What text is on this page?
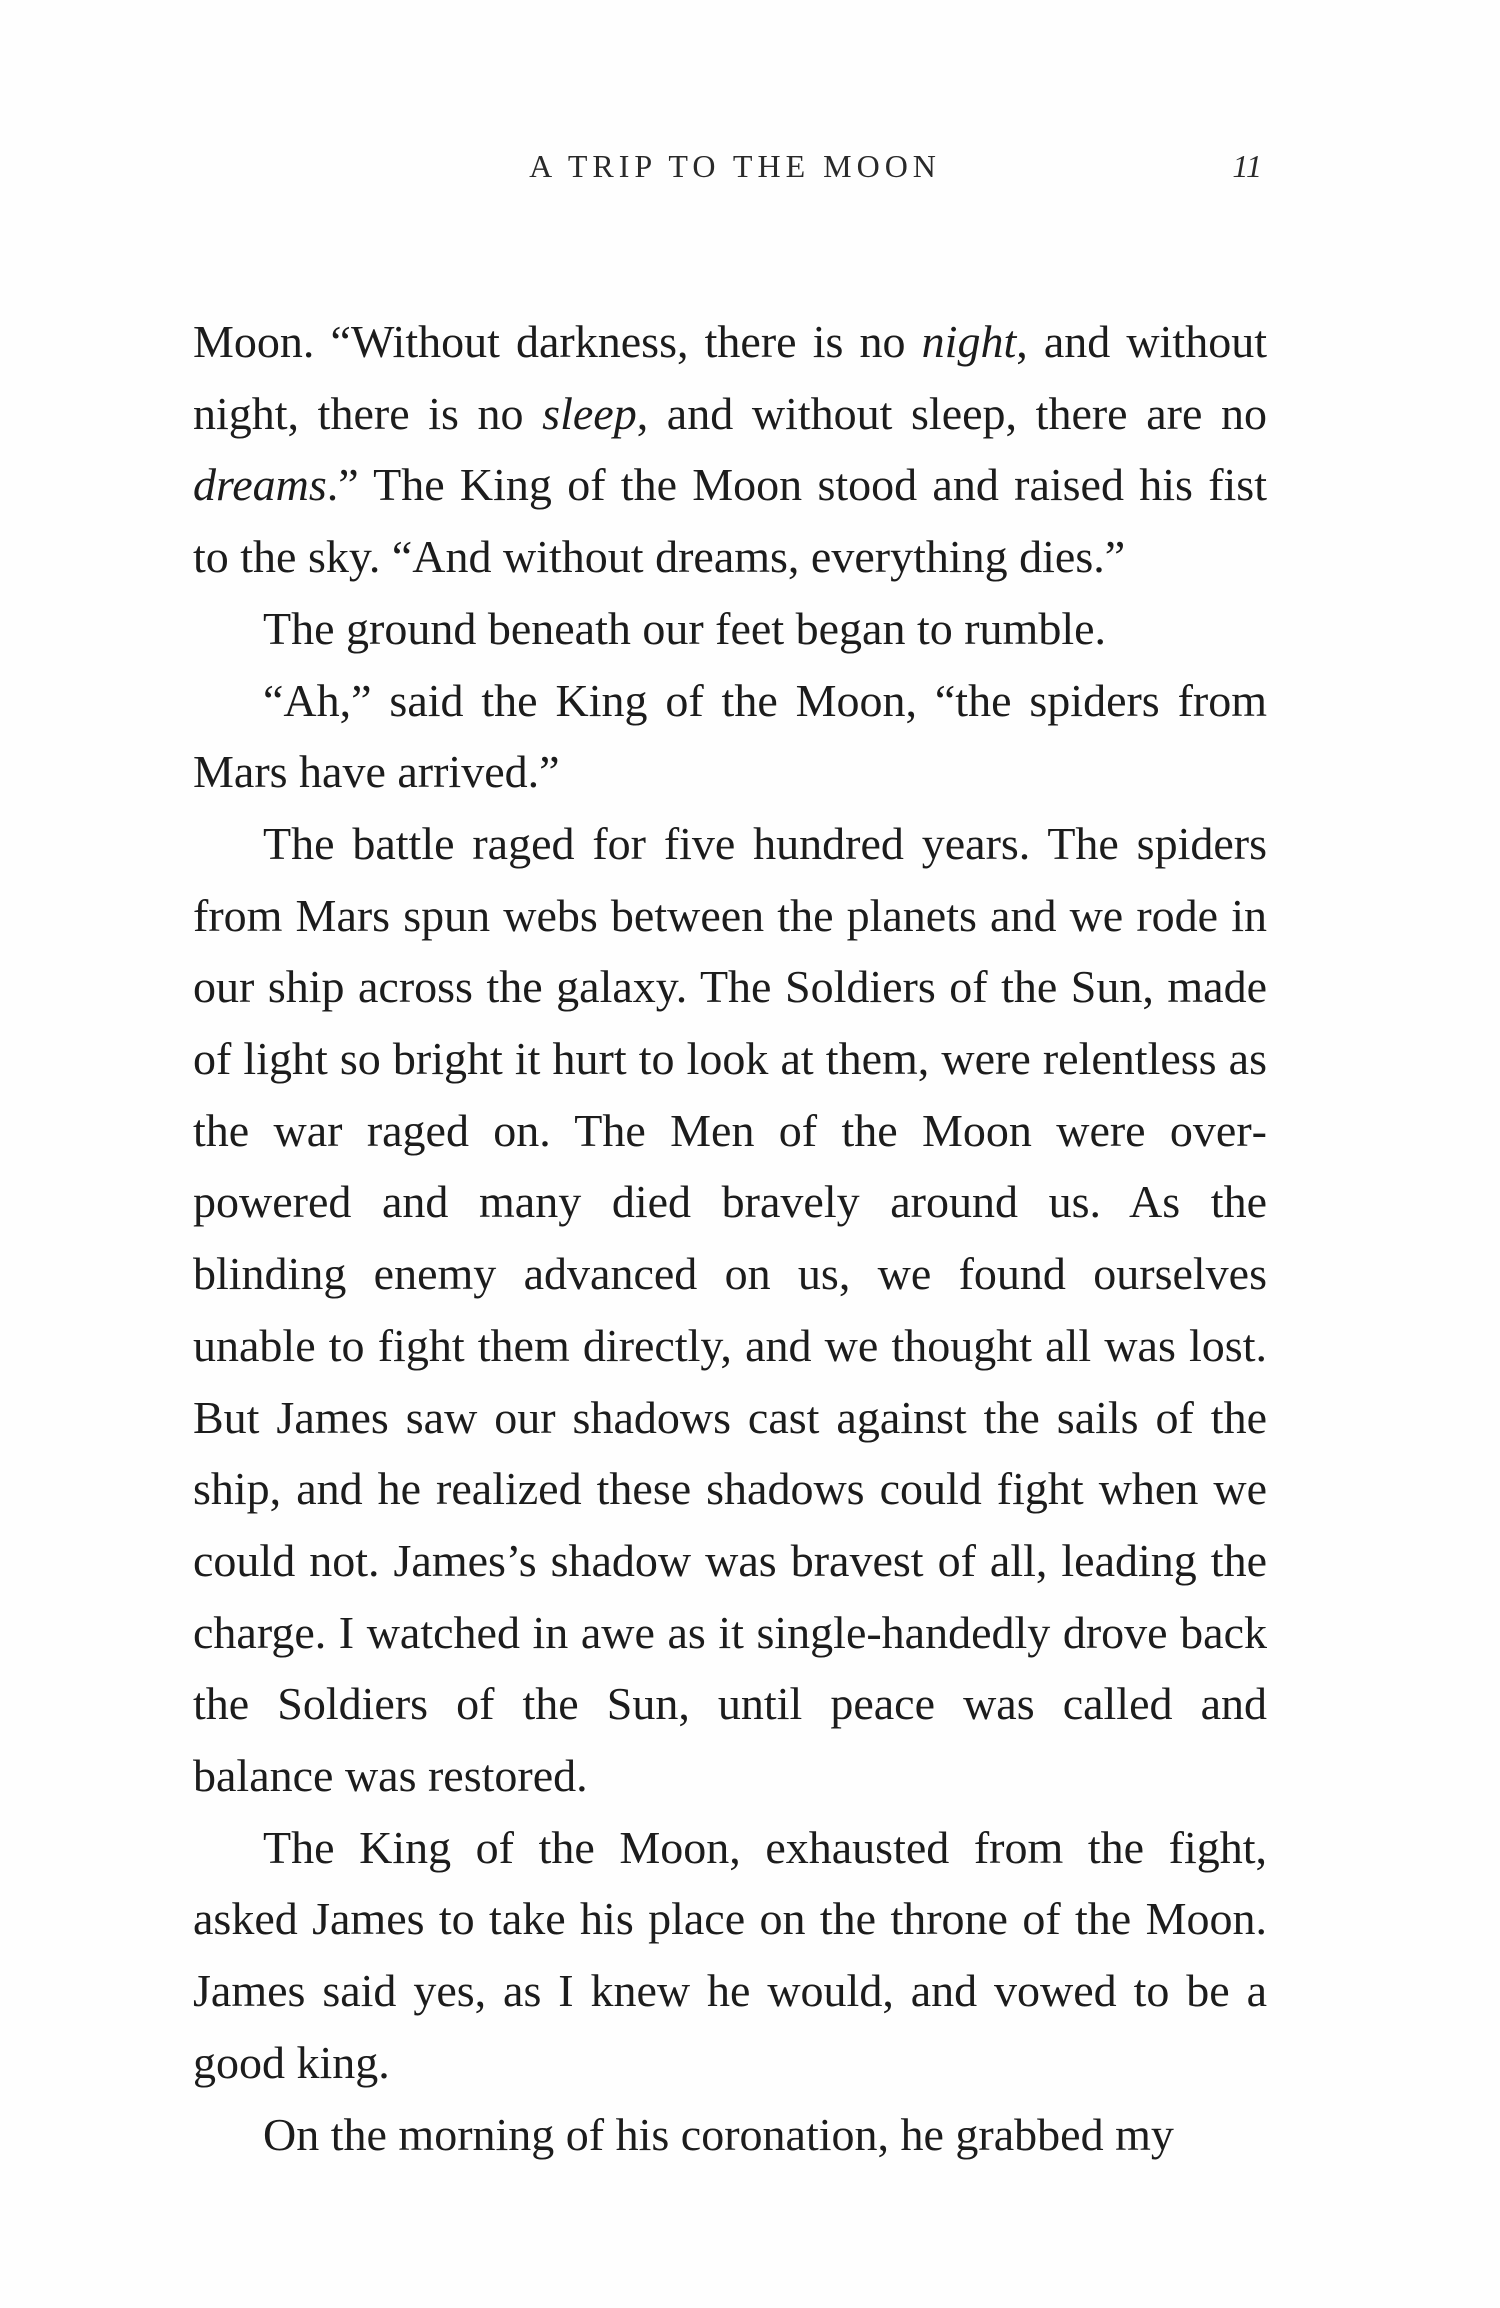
A TRIP TO THE MOON	11

Moon. “Without darkness, there is no night, and without night, there is no sleep, and without sleep, there are no dreams.” The King of the Moon stood and raised his fist to the sky. “And without dreams, everything dies.”

The ground beneath our feet began to rumble.

“Ah,” said the King of the Moon, “the spiders from Mars have arrived.”

The battle raged for five hundred years. The spiders from Mars spun webs between the planets and we rode in our ship across the galaxy. The Soldiers of the Sun, made of light so bright it hurt to look at them, were relentless as the war raged on. The Men of the Moon were overpowered and many died bravely around us. As the blinding enemy advanced on us, we found ourselves unable to fight them directly, and we thought all was lost. But James saw our shadows cast against the sails of the ship, and he realized these shadows could fight when we could not. James’s shadow was bravest of all, leading the charge. I watched in awe as it single-handedly drove back the Soldiers of the Sun, until peace was called and balance was restored.

The King of the Moon, exhausted from the fight, asked James to take his place on the throne of the Moon. James said yes, as I knew he would, and vowed to be a good king.

On the morning of his coronation, he grabbed my
